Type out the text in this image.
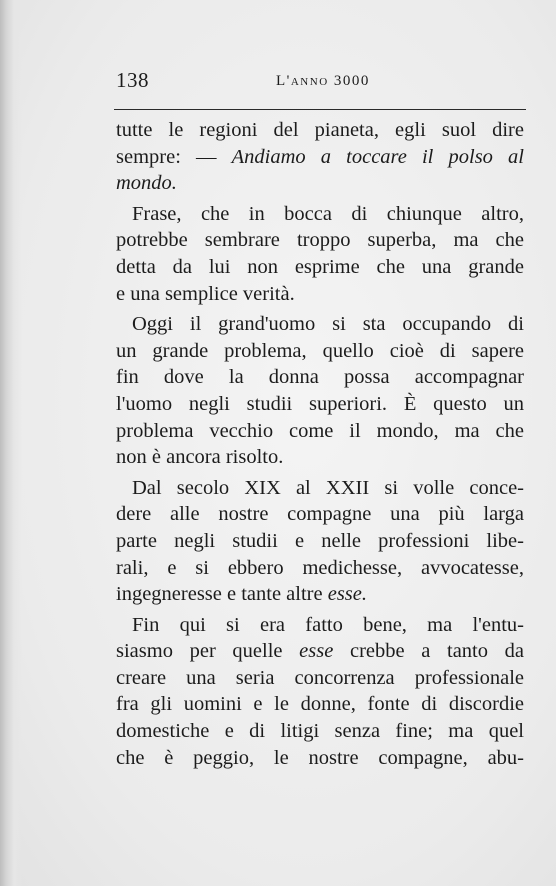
138	L'anno 3000
tutte le regioni del pianeta, egli suol dire
sempre: — Andiamo a toccare il polso al
mondo.
Frase, che in bocca di chiunque altro,
potrebbe sembrare troppo superba, ma che
detta da lui non esprime che una grande
e una semplice verità.
Oggi il grand'uomo si sta occupando di
un grande problema, quello cioè di sapere
fin dove la donna possa accompagnar
l'uomo negli studii superiori. È questo un
problema vecchio come il mondo, ma che
non è ancora risolto.
Dal secolo XIX al XXII si volle conce-
dere alle nostre compagne una più larga
parte negli studii e nelle professioni libe-
rali, e si ebbero medichesse, avvocatesse,
ingegneresse e tante altre esse.
Fin qui si era fatto bene, ma l'entu-
siasmo per quelle esse crebbe a tanto da
creare una seria concorrenza professionale
fra gli uomini e le donne, fonte di discordie
domestiche e di litigi senza fine; ma quel
che è peggio, le nostre compagne, abu-
